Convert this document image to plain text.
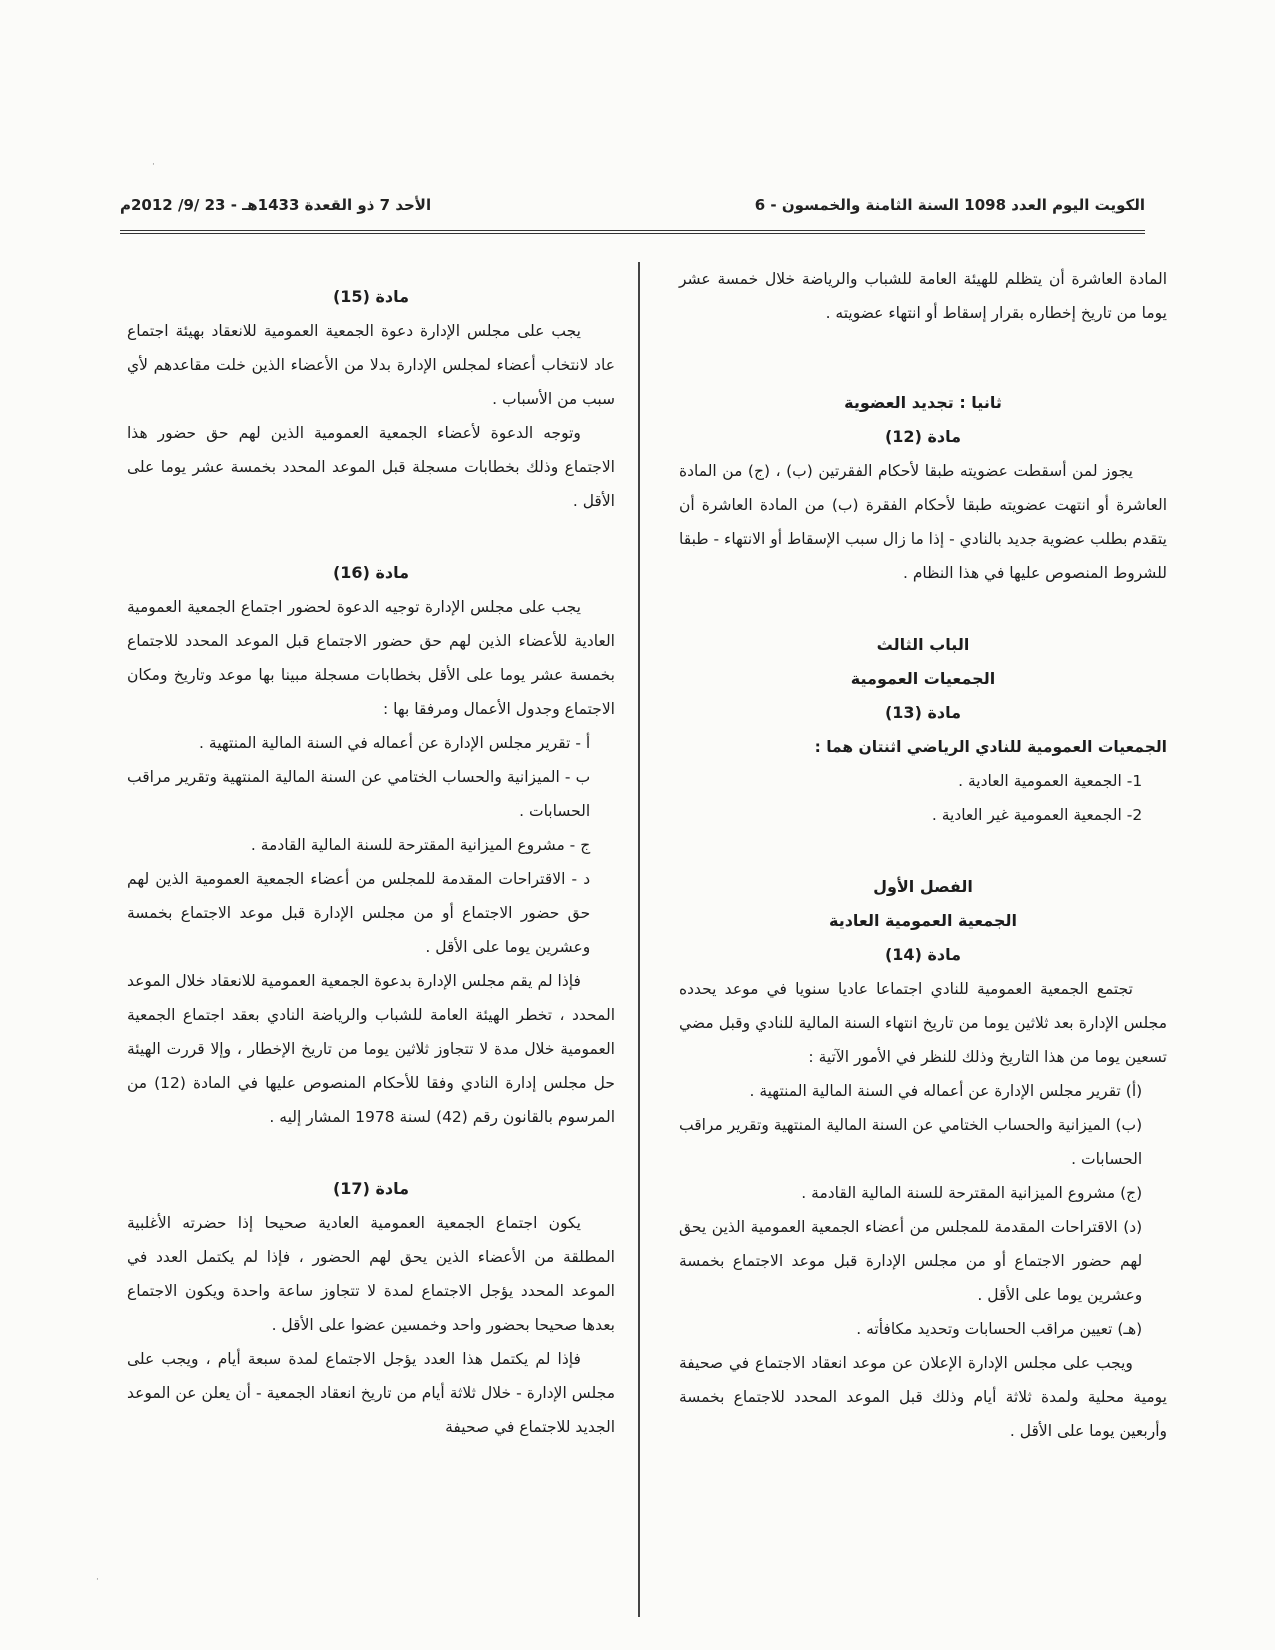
الكويت اليوم العدد 1098 السنة الثامنة والخمسون - 6
الأحد 7 ذو القعدة 1433هـ - 23 /9/ 2012م

المادة العاشرة أن يتظلم للهيئة العامة للشباب والرياضة خلال خمسة عشر يوما من تاريخ إخطاره بقرار إسقاط أو انتهاء عضويته .

ثانيا : تجديد العضوية

مادة (12)

يجوز لمن أسقطت عضويته طبقا لأحكام الفقرتين (ب) ، (ج) من المادة العاشرة أو انتهت عضويته طبقا لأحكام الفقرة (ب) من المادة العاشرة أن يتقدم بطلب عضوية جديد بالنادي - إذا ما زال سبب الإسقاط أو الانتهاء - طبقا للشروط المنصوص عليها في هذا النظام .

الباب الثالث

الجمعيات العمومية

مادة (13)

الجمعيات العمومية للنادي الرياضي اثنتان هما :

1- الجمعية العمومية العادية .

2- الجمعية العمومية غير العادية .

الفصل الأول

الجمعية العمومية العادية

مادة (14)

تجتمع الجمعية العمومية للنادي اجتماعا عاديا سنويا في موعد يحدده مجلس الإدارة بعد ثلاثين يوما من تاريخ انتهاء السنة المالية للنادي وقبل مضي تسعين يوما من هذا التاريخ وذلك للنظر في الأمور الآتية :

(أ) تقرير مجلس الإدارة عن أعماله في السنة المالية المنتهية .

(ب) الميزانية والحساب الختامي عن السنة المالية المنتهية وتقرير مراقب الحسابات .

(ج) مشروع الميزانية المقترحة للسنة المالية القادمة .

(د) الاقتراحات المقدمة للمجلس من أعضاء الجمعية العمومية الذين يحق لهم حضور الاجتماع أو من مجلس الإدارة قبل موعد الاجتماع بخمسة وعشرين يوما على الأقل .

(هـ) تعيين مراقب الحسابات وتحديد مكافأته .

ويجب على مجلس الإدارة الإعلان عن موعد انعقاد الاجتماع في صحيفة يومية محلية ولمدة ثلاثة أيام وذلك قبل الموعد المحدد للاجتماع بخمسة وأربعين يوما على الأقل .

مادة (15)

يجب على مجلس الإدارة دعوة الجمعية العمومية للانعقاد بهيئة اجتماع عاد لانتخاب أعضاء لمجلس الإدارة بدلا من الأعضاء الذين خلت مقاعدهم لأي سبب من الأسباب .

وتوجه الدعوة لأعضاء الجمعية العمومية الذين لهم حق حضور هذا الاجتماع وذلك بخطابات مسجلة قبل الموعد المحدد بخمسة عشر يوما على الأقل .

مادة (16)

يجب على مجلس الإدارة توجيه الدعوة لحضور اجتماع الجمعية العمومية العادية للأعضاء الذين لهم حق حضور الاجتماع قبل الموعد المحدد للاجتماع بخمسة عشر يوما على الأقل بخطابات مسجلة مبينا بها موعد وتاريخ ومكان الاجتماع وجدول الأعمال ومرفقا بها :

أ - تقرير مجلس الإدارة عن أعماله في السنة المالية المنتهية .

ب - الميزانية والحساب الختامي عن السنة المالية المنتهية وتقرير مراقب الحسابات .

ج - مشروع الميزانية المقترحة للسنة المالية القادمة .

د - الاقتراحات المقدمة للمجلس من أعضاء الجمعية العمومية الذين لهم حق حضور الاجتماع أو من مجلس الإدارة قبل موعد الاجتماع بخمسة وعشرين يوما على الأقل .

فإذا لم يقم مجلس الإدارة بدعوة الجمعية العمومية للانعقاد خلال الموعد المحدد ، تخطر الهيئة العامة للشباب والرياضة النادي بعقد اجتماع الجمعية العمومية خلال مدة لا تتجاوز ثلاثين يوما من تاريخ الإخطار ، وإلا قررت الهيئة حل مجلس إدارة النادي وفقا للأحكام المنصوص عليها في المادة (12) من المرسوم بالقانون رقم (42) لسنة 1978 المشار إليه .

مادة (17)

يكون اجتماع الجمعية العمومية العادية صحيحا إذا حضرته الأغلبية المطلقة من الأعضاء الذين يحق لهم الحضور ، فإذا لم يكتمل العدد في الموعد المحدد يؤجل الاجتماع لمدة لا تتجاوز ساعة واحدة ويكون الاجتماع بعدها صحيحا بحضور واحد وخمسين عضوا على الأقل .

فإذا لم يكتمل هذا العدد يؤجل الاجتماع لمدة سبعة أيام ، ويجب على مجلس الإدارة - خلال ثلاثة أيام من تاريخ انعقاد الجمعية - أن يعلن عن الموعد الجديد للاجتماع في صحيفة

·
·
